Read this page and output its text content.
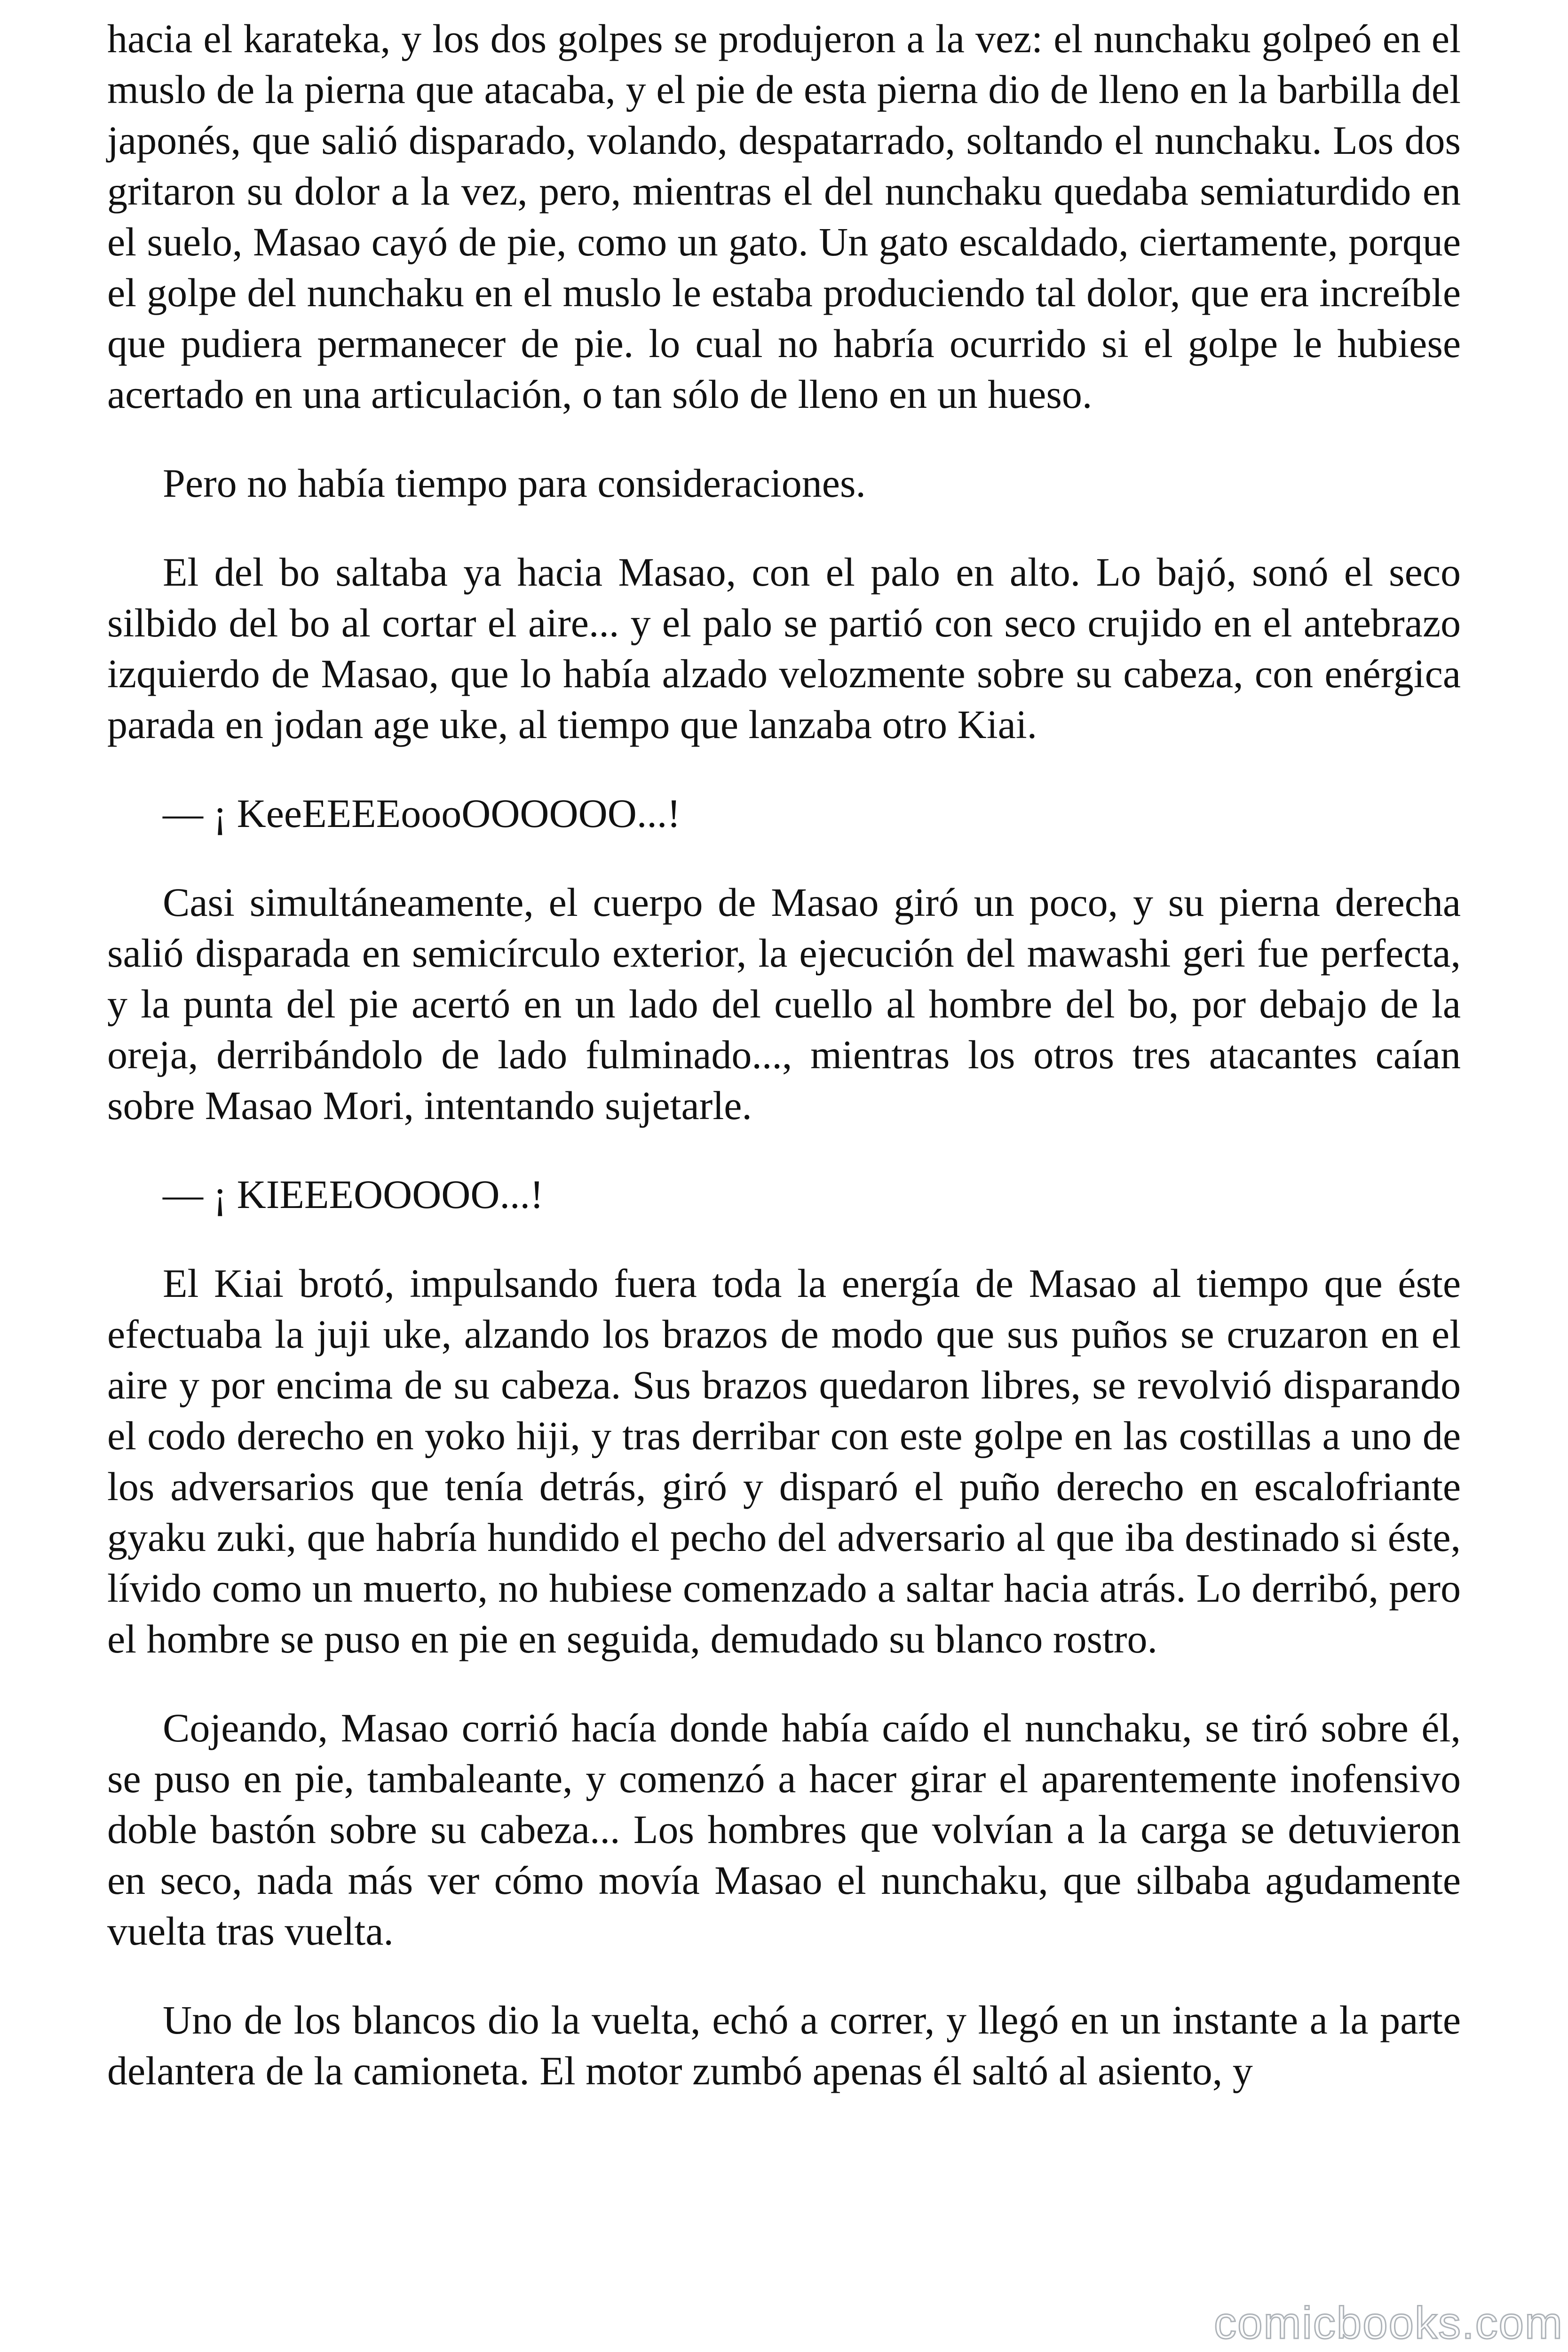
hacia el karateka, y los dos golpes se produjeron a la vez: el nunchaku golpeó en el muslo de la pierna que atacaba, y el pie de esta pierna dio de lleno en la barbilla del japonés, que salió disparado, volando, despatarrado, soltando el nunchaku. Los dos gritaron su dolor a la vez, pero, mientras el del nunchaku quedaba semiaturdido en el suelo, Masao cayó de pie, como un gato. Un gato escaldado, ciertamente, porque el golpe del nunchaku en el muslo le estaba produciendo tal dolor, que era increíble que pudiera permanecer de pie. lo cual no habría ocurrido si el golpe le hubiese acertado en una articulación, o tan sólo de lleno en un hueso.

Pero no había tiempo para consideraciones.

El del bo saltaba ya hacia Masao, con el palo en alto. Lo bajó, sonó el seco silbido del bo al cortar el aire... y el palo se partió con seco crujido en el antebrazo izquierdo de Masao, que lo había alzado velozmente sobre su cabeza, con enérgica parada en jodan age uke, al tiempo que lanzaba otro Kiai.

— ¡ KeeEEEEoooOOOOOO...!

Casi simultáneamente, el cuerpo de Masao giró un poco, y su pierna derecha salió disparada en semicírculo exterior, la ejecución del mawashi geri fue perfecta, y la punta del pie acertó en un lado del cuello al hombre del bo, por debajo de la oreja, derribándolo de lado fulminado..., mientras los otros tres atacantes caían sobre Masao Mori, intentando sujetarle.

— ¡ KIEEEOOOOO...!

El Kiai brotó, impulsando fuera toda la energía de Masao al tiempo que éste efectuaba la juji uke, alzando los brazos de modo que sus puños se cruzaron en el aire y por encima de su cabeza. Sus brazos quedaron libres, se revolvió disparando el codo derecho en yoko hiji, y tras derribar con este golpe en las costillas a uno de los adversarios que tenía detrás, giró y disparó el puño derecho en escalofriante gyaku zuki, que habría hundido el pecho del adversario al que iba destinado si éste, lívido como un muerto, no hubiese comenzado a saltar hacia atrás. Lo derribó, pero el hombre se puso en pie en seguida, demudado su blanco rostro.

Cojeando, Masao corrió hacía donde había caído el nunchaku, se tiró sobre él, se puso en pie, tambaleante, y comenzó a hacer girar el aparentemente inofensivo doble bastón sobre su cabeza... Los hombres que volvían a la carga se detuvieron en seco, nada más ver cómo movía Masao el nunchaku, que silbaba agudamente vuelta tras vuelta.

Uno de los blancos dio la vuelta, echó a correr, y llegó en un instante a la parte delantera de la camioneta. El motor zumbó apenas él saltó al asiento, y

comicbooks.com
